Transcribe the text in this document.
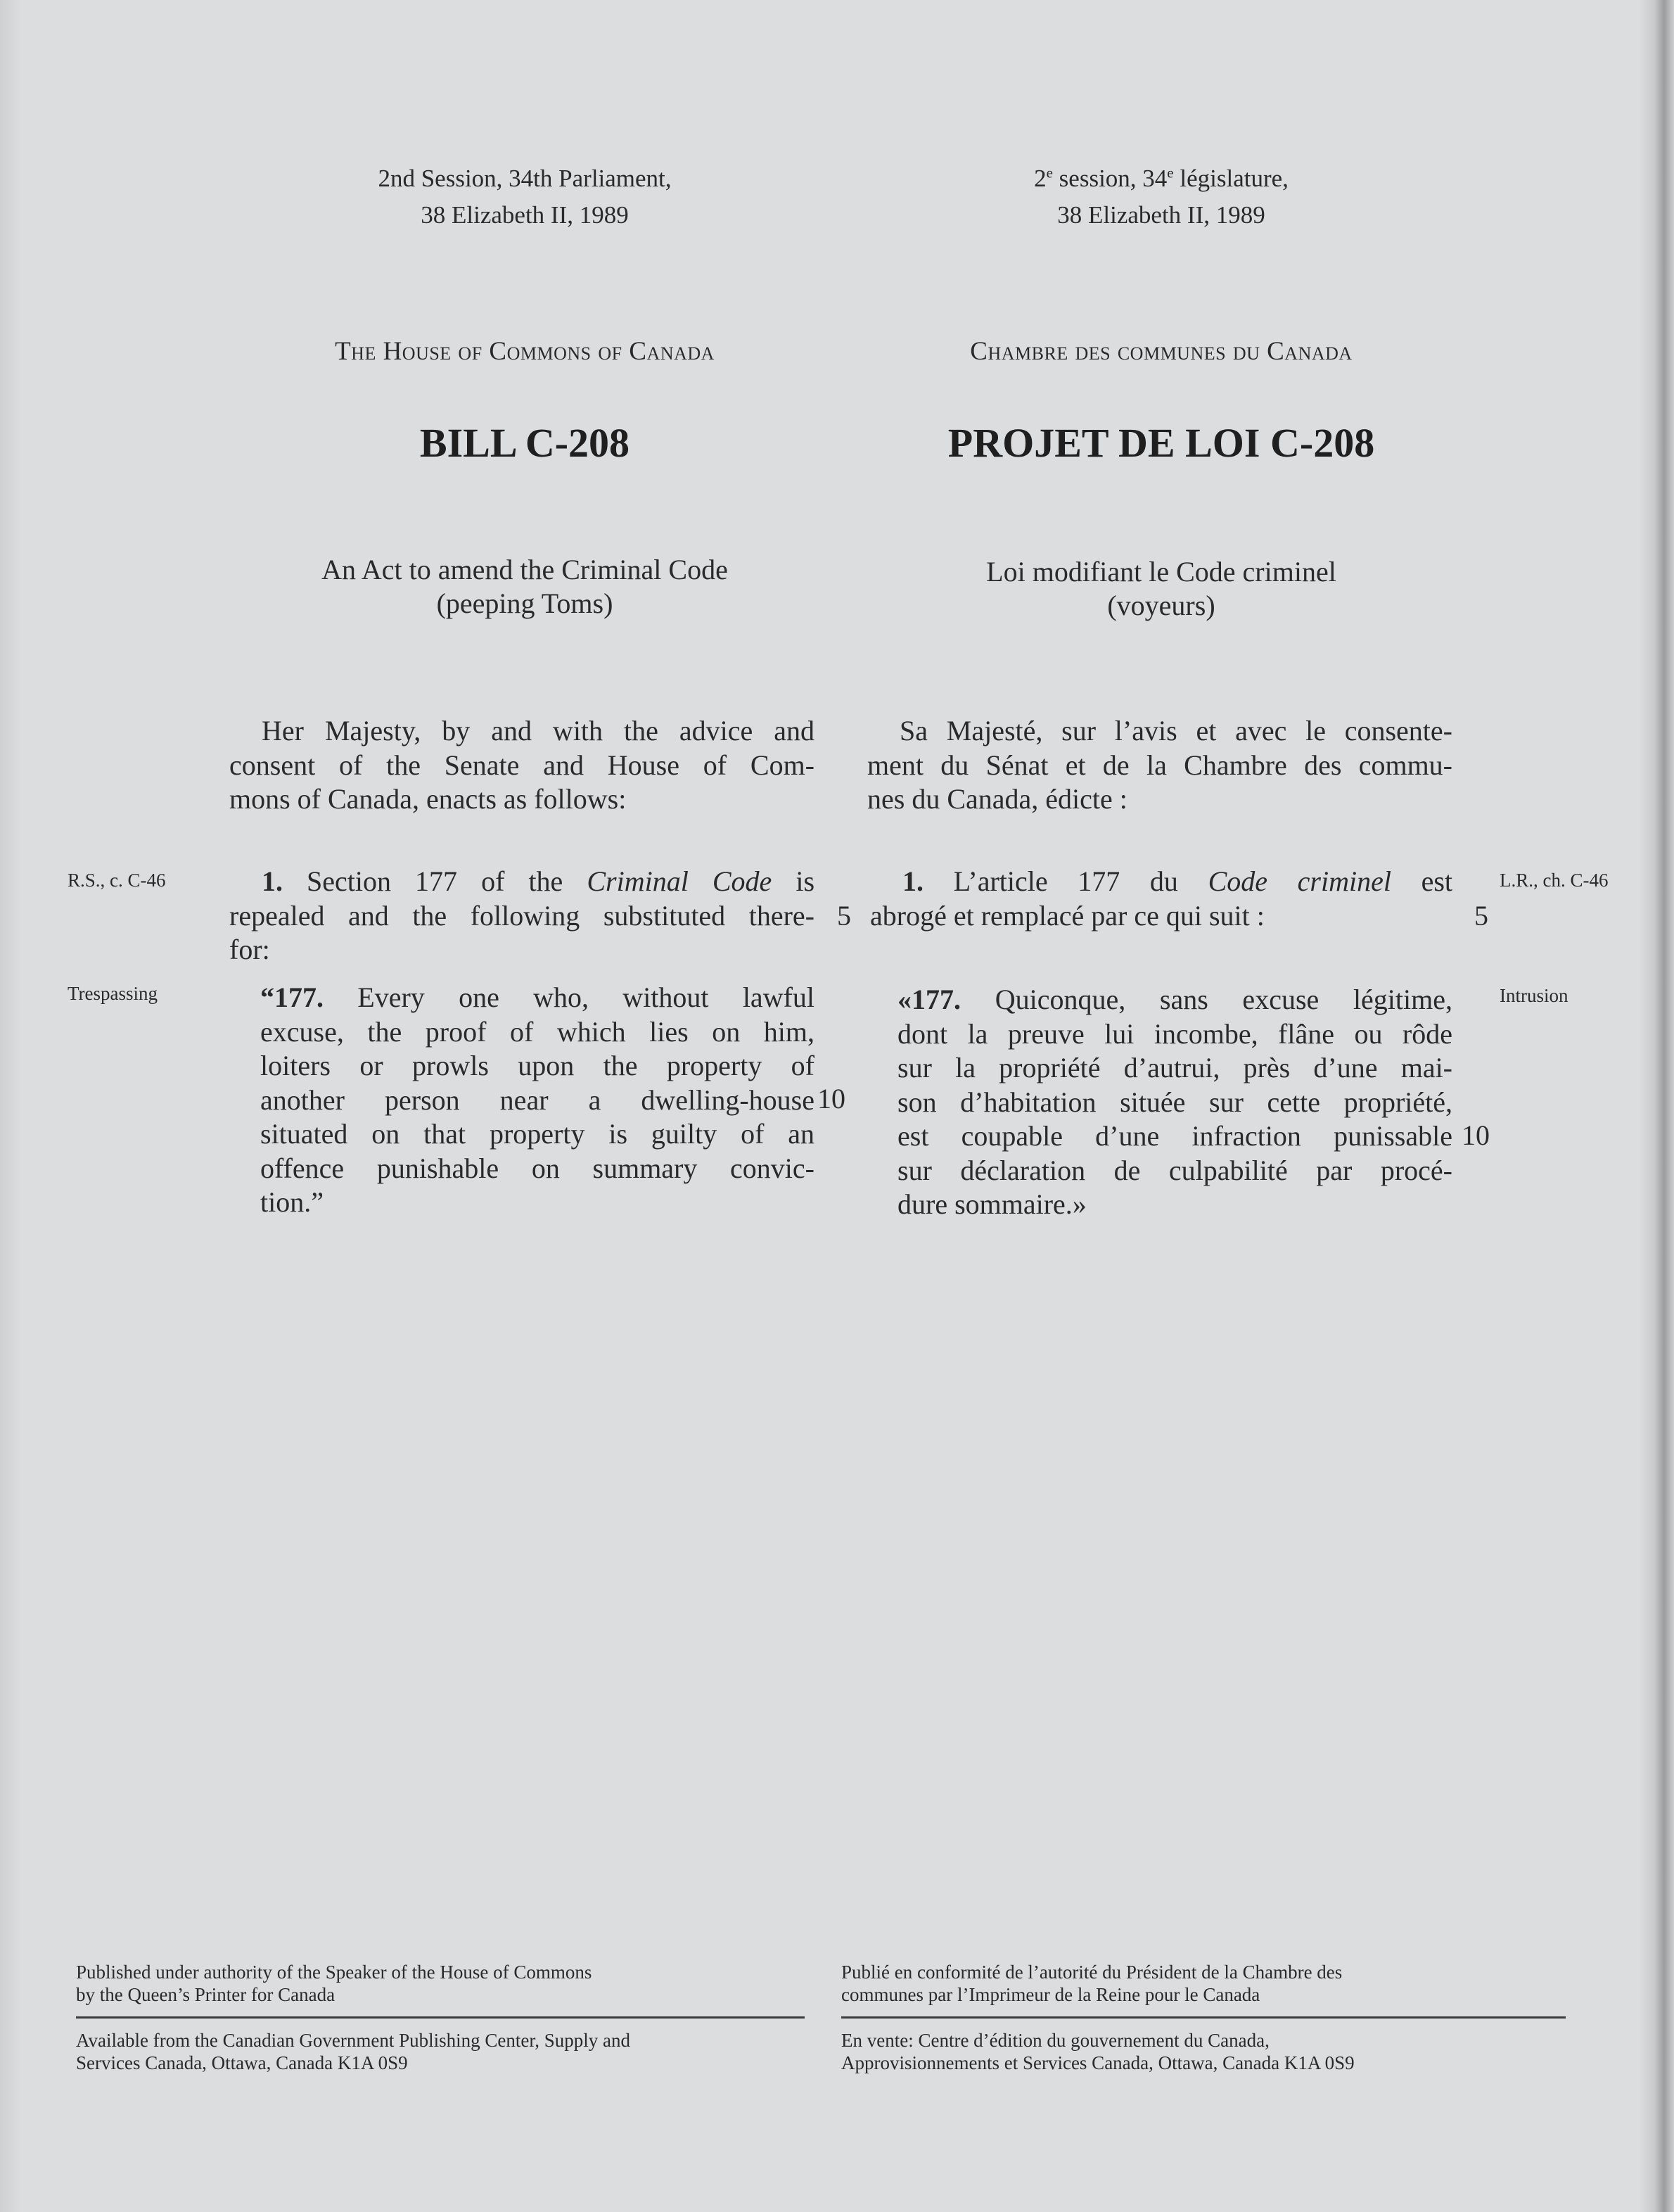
2nd Session, 34th Parliament,
38 Elizabeth II, 1989
The House of Commons of Canada
BILL C-208
An Act to amend the Criminal Code
(peeping Toms)
Her Majesty, by and with the advice and
consent of the Senate and House of Com-
mons of Canada, enacts as follows:
R.S., c. C-46	1. Section 177 of the Criminal Code is
repealed and the following substituted there-
for:
5
Trespassing	“177. Every one who, without lawful
excuse, the proof of which lies on him,
loiters or prowls upon the property of
another person near a dwelling-house
situated on that property is guilty of an
offence punishable on summary convic-
tion.”
10
2e session, 34e législature,
38 Elizabeth II, 1989
Chambre des communes du Canada
PROJET DE LOI C-208
Loi modifiant le Code criminel
(voyeurs)
Sa Majesté, sur l’avis et avec le consente-
ment du Sénat et de la Chambre des commu-
nes du Canada, édicte :
L.R., ch. C-46
1. L’article 177 du Code criminel est
abrogé et remplacé par ce qui suit :	5
Intrusion
«177. Quiconque, sans excuse légitime,
dont la preuve lui incombe, flâne ou rôde
sur la propriété d’autrui, près d’une mai-
son d’habitation située sur cette propriété,
est coupable d’une infraction punissable
sur déclaration de culpabilité par procé-
dure sommaire.»
10
Published under authority of the Speaker of the House of Commons
by the Queen’s Printer for Canada
Available from the Canadian Government Publishing Center, Supply and
Services Canada, Ottawa, Canada K1A 0S9
Publié en conformité de l’autorité du Président de la Chambre des
communes par l’Imprimeur de la Reine pour le Canada
En vente: Centre d’édition du gouvernement du Canada,
Approvisionnements et Services Canada, Ottawa, Canada K1A 0S9
